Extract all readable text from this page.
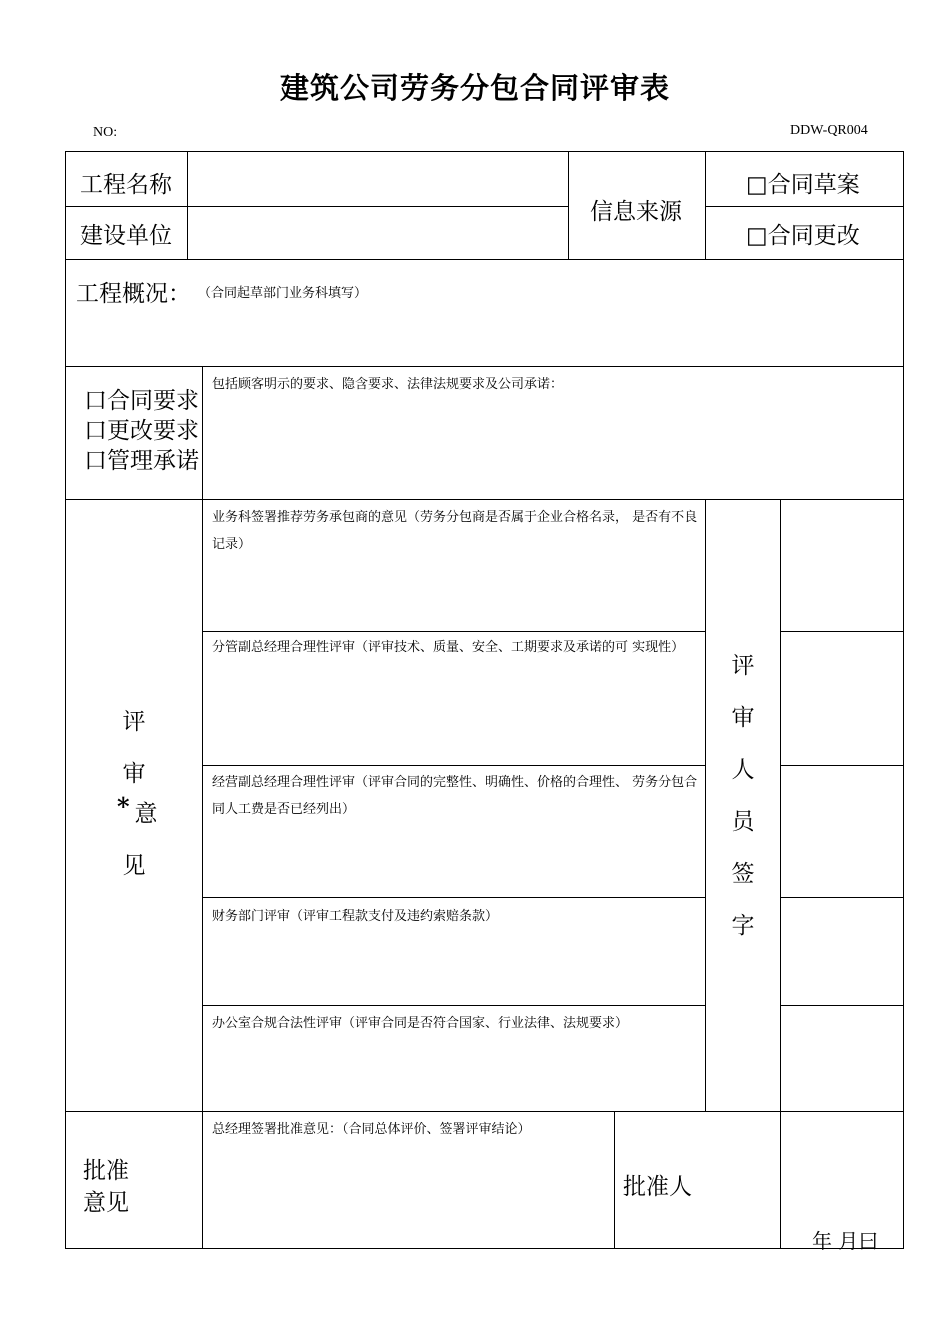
建筑公司劳务分包合同评审表
NO:	DDW-QR004
工程名称
建设单位
信息来源
□合同草案
□合同更改
工程概况： （合同起草部门业务科填写）
口合同要求
口更改要求
口管理承诺
包括顾客明示的要求、隐含要求、法律法规要求及公司承诺：
评
审
* 意
见
业务科签署推荐劳务承包商的意见（劳务分包商是否属于企业合格名录， 是否有不良记录）
分管副总经理合理性评审（评审技术、质量、安全、工期要求及承诺的可 实现性）
经营副总经理合理性评审（评审合同的完整性、明确性、价格的合理性、 劳务分包合同人工费是否已经列出）
财务部门评审（评审工程款支付及违约索赔条款）
办公室合规合法性评审（评审合同是否符合国家、行业法律、法规要求）
评
审
人
员
签
字
批准
意见
总经理签署批准意见：（合同总体评价、签署评审结论）
批准人
年 月曰
